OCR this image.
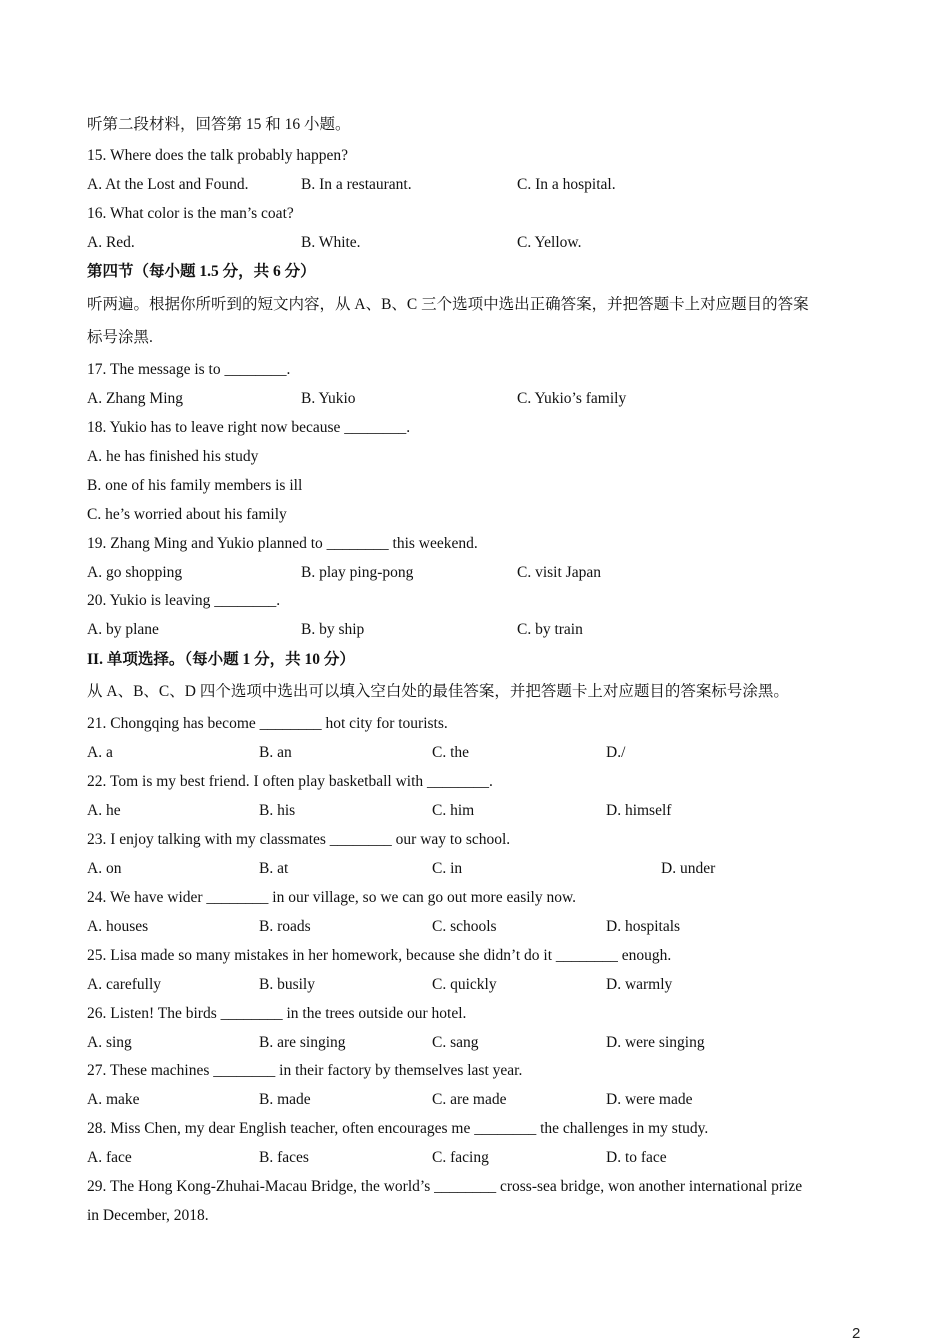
听第二段材料，回答第 15 和 16 小题。
15. Where does the talk probably happen?
A. At the Lost and Found.	B. In a restaurant.	C. In a hospital.
16. What color is the man’s coat?
A. Red.	B. White.	C. Yellow.
第四节（每小题 1.5 分，共 6 分）
听两遍。根据你所听到的短文内容，从 A、B、C 三个选项中选出正确答案，并把答题卡上对应题目的答案
标号涂黑.
17. The message is to ________.
A. Zhang Ming	B. Yukio	C. Yukio’s family
18. Yukio has to leave right now because ________.
A. he has finished his study
B. one of his family members is ill
C. he’s worried about his family
19. Zhang Ming and Yukio planned to ________ this weekend.
A. go shopping	B. play ping-pong	C. visit Japan
20. Yukio is leaving ________.
A. by plane	B. by ship	C. by train
II. 单项选择。（每小题 1 分，共 10 分）
从 A、B、C、D 四个选项中选出可以填入空白处的最佳答案，并把答题卡上对应题目的答案标号涂黑。
21. Chongqing has become ________ hot city for tourists.
A. a	B. an	C. the	D./
22. Tom is my best friend. I often play basketball with ________.
A. he	B. his	C. him	D. himself
23. I enjoy talking with my classmates ________ our way to school.
A. on	B. at	C. in	D. under
24. We have wider ________ in our village, so we can go out more easily now.
A. houses	B. roads	C. schools	D. hospitals
25. Lisa made so many mistakes in her homework, because she didn’t do it ________ enough.
A. carefully	B. busily	C. quickly	D. warmly
26. Listen! The birds ________ in the trees outside our hotel.
A. sing	B. are singing	C. sang	D. were singing
27. These machines ________ in their factory by themselves last year.
A. make	B. made	C. are made	D. were made
28. Miss Chen, my dear English teacher, often encourages me ________ the challenges in my study.
A. face	B. faces	C. facing	D. to face
29. The Hong Kong-Zhuhai-Macau Bridge, the world’s ________ cross-sea bridge, won another international prize
in December, 2018.
2
